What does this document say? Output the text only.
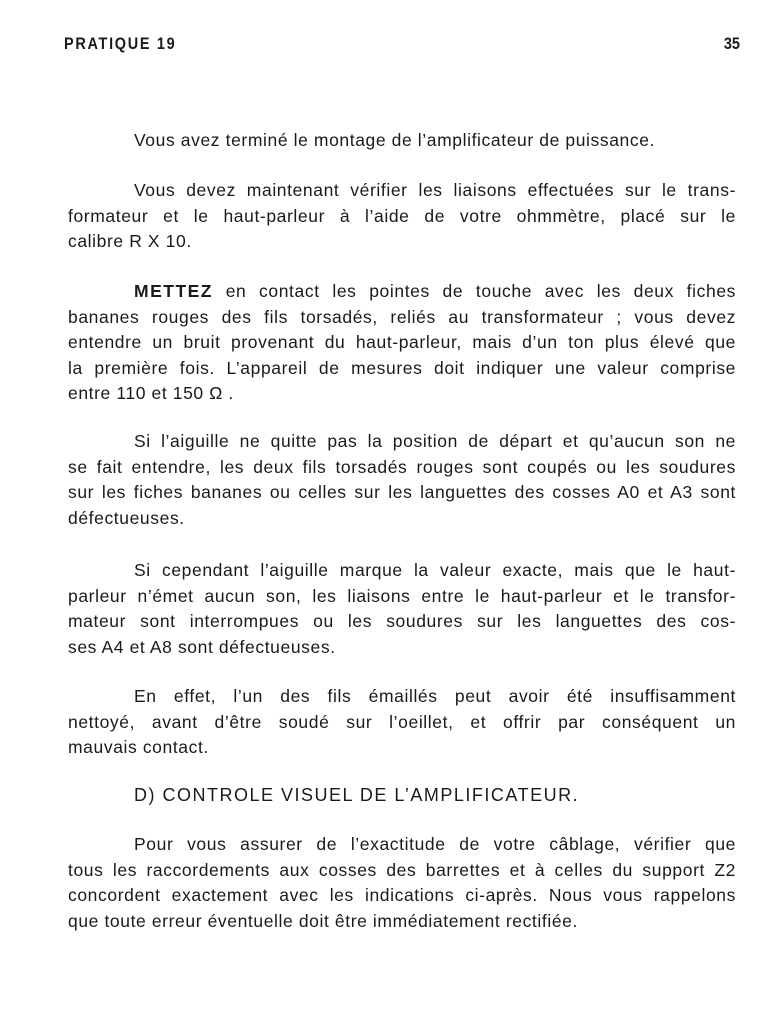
PRATIQUE 19	35
Vous avez terminé le montage de l’amplificateur de puissance.
Vous devez maintenant vérifier les liaisons effectuées sur le trans-
formateur et le haut-parleur à l’aide de votre ohmmètre, placé sur le
calibre R X 10.
METTEZ en contact les pointes de touche avec les deux fiches
bananes rouges des fils torsadés, reliés au transformateur ; vous devez
entendre un bruit provenant du haut-parleur, mais d’un ton plus élevé que
la première fois. L’appareil de mesures doit indiquer une valeur comprise
entre 110 et 150 Ω .
Si l’aiguille ne quitte pas la position de départ et qu’aucun son ne
se fait entendre, les deux fils torsadés rouges sont coupés ou les soudures
sur les fiches bananes ou celles sur les languettes des cosses A0 et A3 sont
défectueuses.
Si cependant l’aiguille marque la valeur exacte, mais que le haut-
parleur n’émet aucun son, les liaisons entre le haut-parleur et le transfor-
mateur sont interrompues ou les soudures sur les languettes des cos-
ses A4 et A8 sont défectueuses.
En effet, l’un des fils émaillés peut avoir été insuffisamment
nettoyé, avant d’être soudé sur l’oeillet, et offrir par conséquent un
mauvais contact.
D) CONTROLE VISUEL DE L’AMPLIFICATEUR.
Pour vous assurer de l’exactitude de votre câblage, vérifier que
tous les raccordements aux cosses des barrettes et à celles du support Z2
concordent exactement avec les indications ci-après. Nous vous rappelons
que toute erreur éventuelle doit être immédiatement rectifiée.
